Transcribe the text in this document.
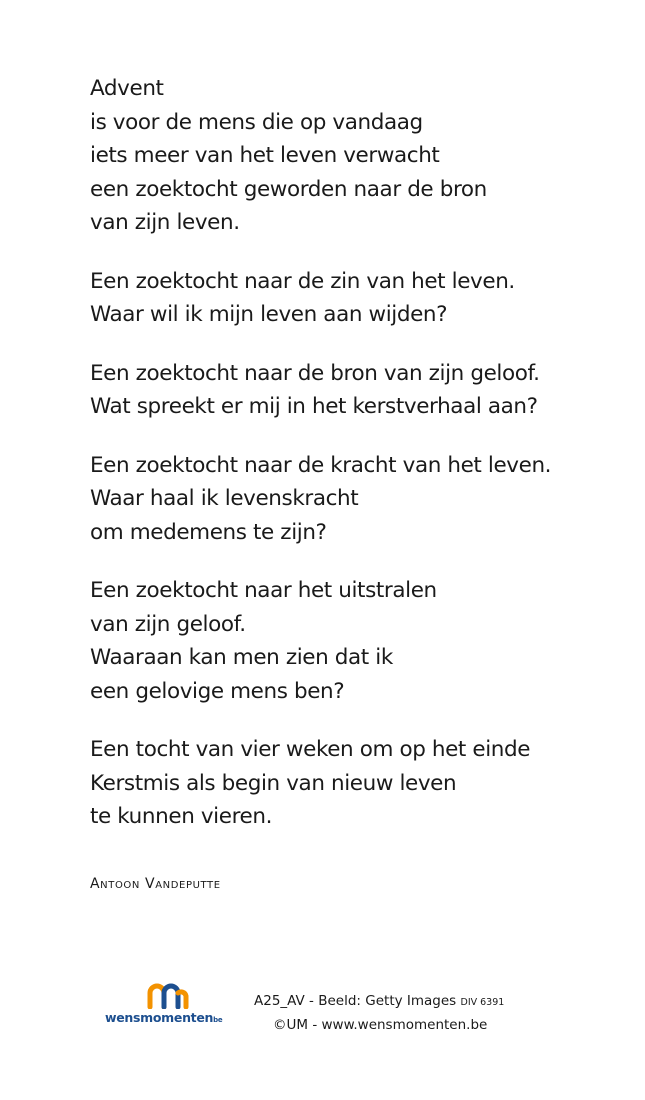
Advent
is voor de mens die op vandaag
iets meer van het leven verwacht
een zoektocht geworden naar de bron
van zijn leven.
Een zoektocht naar de zin van het leven.
Waar wil ik mijn leven aan wijden?
Een zoektocht naar de bron van zijn geloof.
Wat spreekt er mij in het kerstverhaal aan?
Een zoektocht naar de kracht van het leven.
Waar haal ik levenskracht
om medemens te zijn?
Een zoektocht naar het uitstralen
van zijn geloof.
Waaraan kan men zien dat ik
een gelovige mens ben?
Een tocht van vier weken om op het einde
Kerstmis als begin van nieuw leven
te kunnen vieren.
Antoon Vandeputte
wensmomentenbe
A25_AV - Beeld: Getty Images DIV 6391
©UM - www.wensmomenten.be
